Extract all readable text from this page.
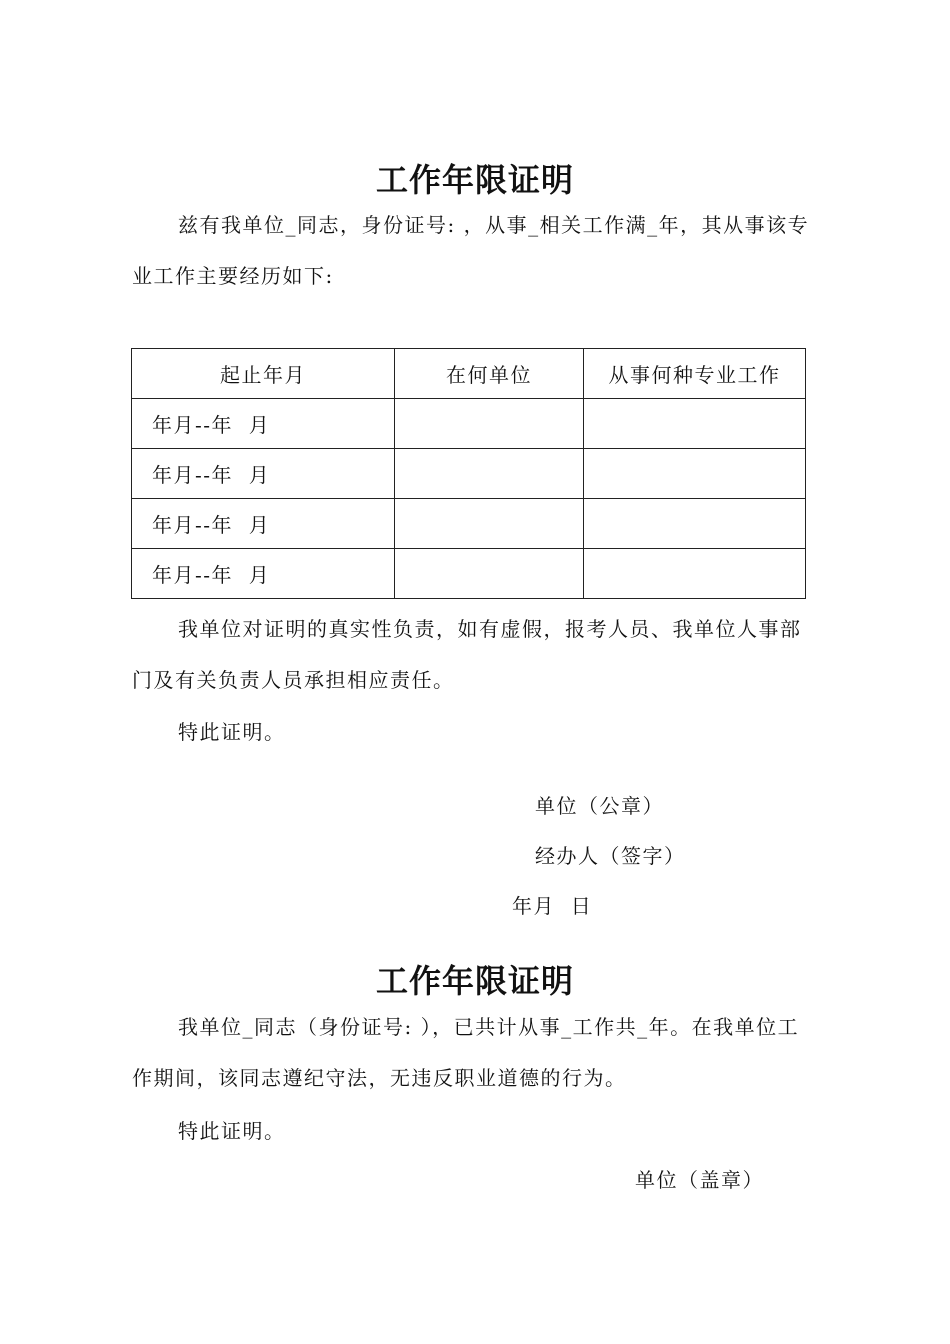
工作年限证明

兹有我单位_同志，身份证号: ，从事_相关工作满_年，其从事该专业工作主要经历如下:

起止年月	在何单位	从事何种专业工作
年月--年  月		
年月--年  月		
年月--年  月		
年月--年  月		

我单位对证明的真实性负责，如有虚假，报考人员、我单位人事部门及有关负责人员承担相应责任。

特此证明。

单位（公章）

经办人（签字）

年月  日

工作年限证明

我单位_同志（身份证号: ），已共计从事_工作共_年。在我单位工作期间，该同志遵纪守法，无违反职业道德的行为。

特此证明。

单位（盖章）
